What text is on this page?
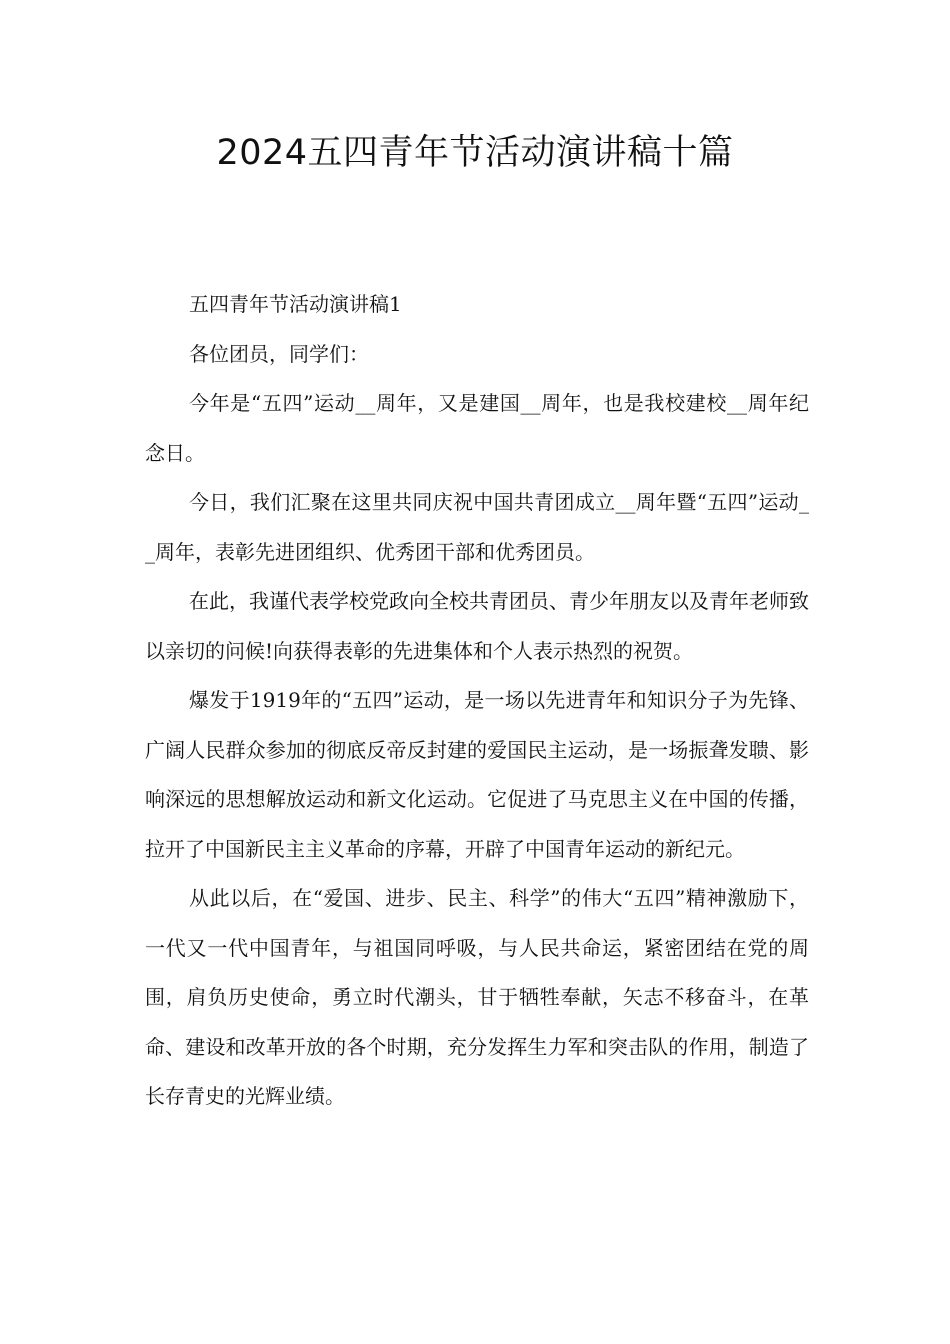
2024五四青年节活动演讲稿十篇

五四青年节活动演讲稿1

各位团员，同学们：

今年是“五四”运动__周年，又是建国__周年，也是我校建校__周年纪念日。

今日，我们汇聚在这里共同庆祝中国共青团成立__周年暨“五四”运动__周年，表彰先进团组织、优秀团干部和优秀团员。

在此，我谨代表学校党政向全校共青团员、青少年朋友以及青年老师致以亲切的问候!向获得表彰的先进集体和个人表示热烈的祝贺。

爆发于1919年的“五四”运动，是一场以先进青年和知识分子为先锋、广阔人民群众参加的彻底反帝反封建的爱国民主运动，是一场振聋发聩、影响深远的思想解放运动和新文化运动。它促进了马克思主义在中国的传播，拉开了中国新民主主义革命的序幕，开辟了中国青年运动的新纪元。

从此以后，在“爱国、进步、民主、科学”的伟大“五四”精神激励下，一代又一代中国青年，与祖国同呼吸，与人民共命运，紧密团结在党的周围，肩负历史使命，勇立时代潮头，甘于牺牲奉献，矢志不移奋斗，在革命、建设和改革开放的各个时期，充分发挥生力军和突击队的作用，制造了长存青史的光辉业绩。
